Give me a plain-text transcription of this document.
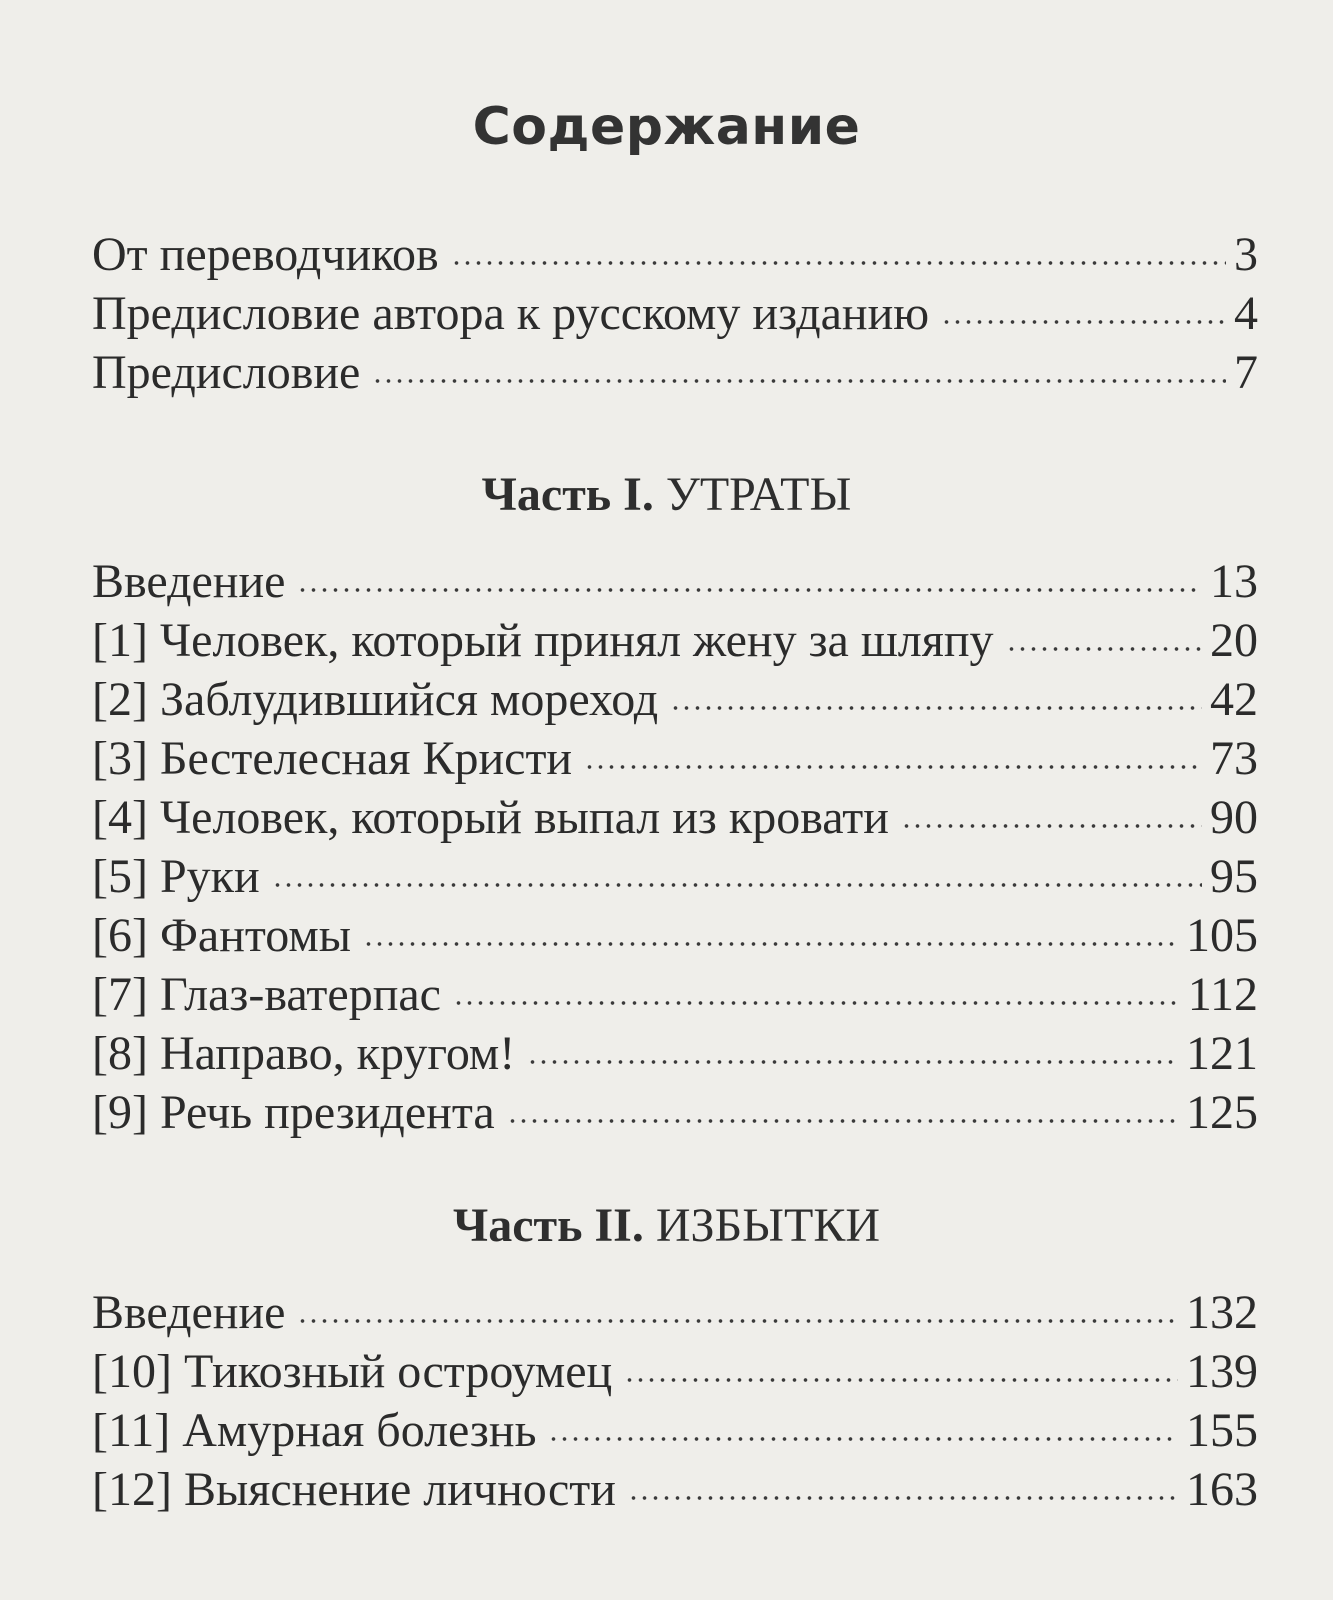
Содержание
От переводчиков	3
Предисловие автора к русскому изданию	4
Предисловие	7
Часть I. УТРАТЫ
Введение	13
[1] Человек, который принял жену за шляпу	20
[2] Заблудившийся мореход	42
[3] Бестелесная Кристи	73
[4] Человек, который выпал из кровати	90
[5] Руки	95
[6] Фантомы	105
[7] Глаз-ватерпас	112
[8] Направо, кругом!	121
[9] Речь президента	125
Часть II. ИЗБЫТКИ
Введение	132
[10] Тикозный остроумец	139
[11] Амурная болезнь	155
[12] Выяснение личности	163
